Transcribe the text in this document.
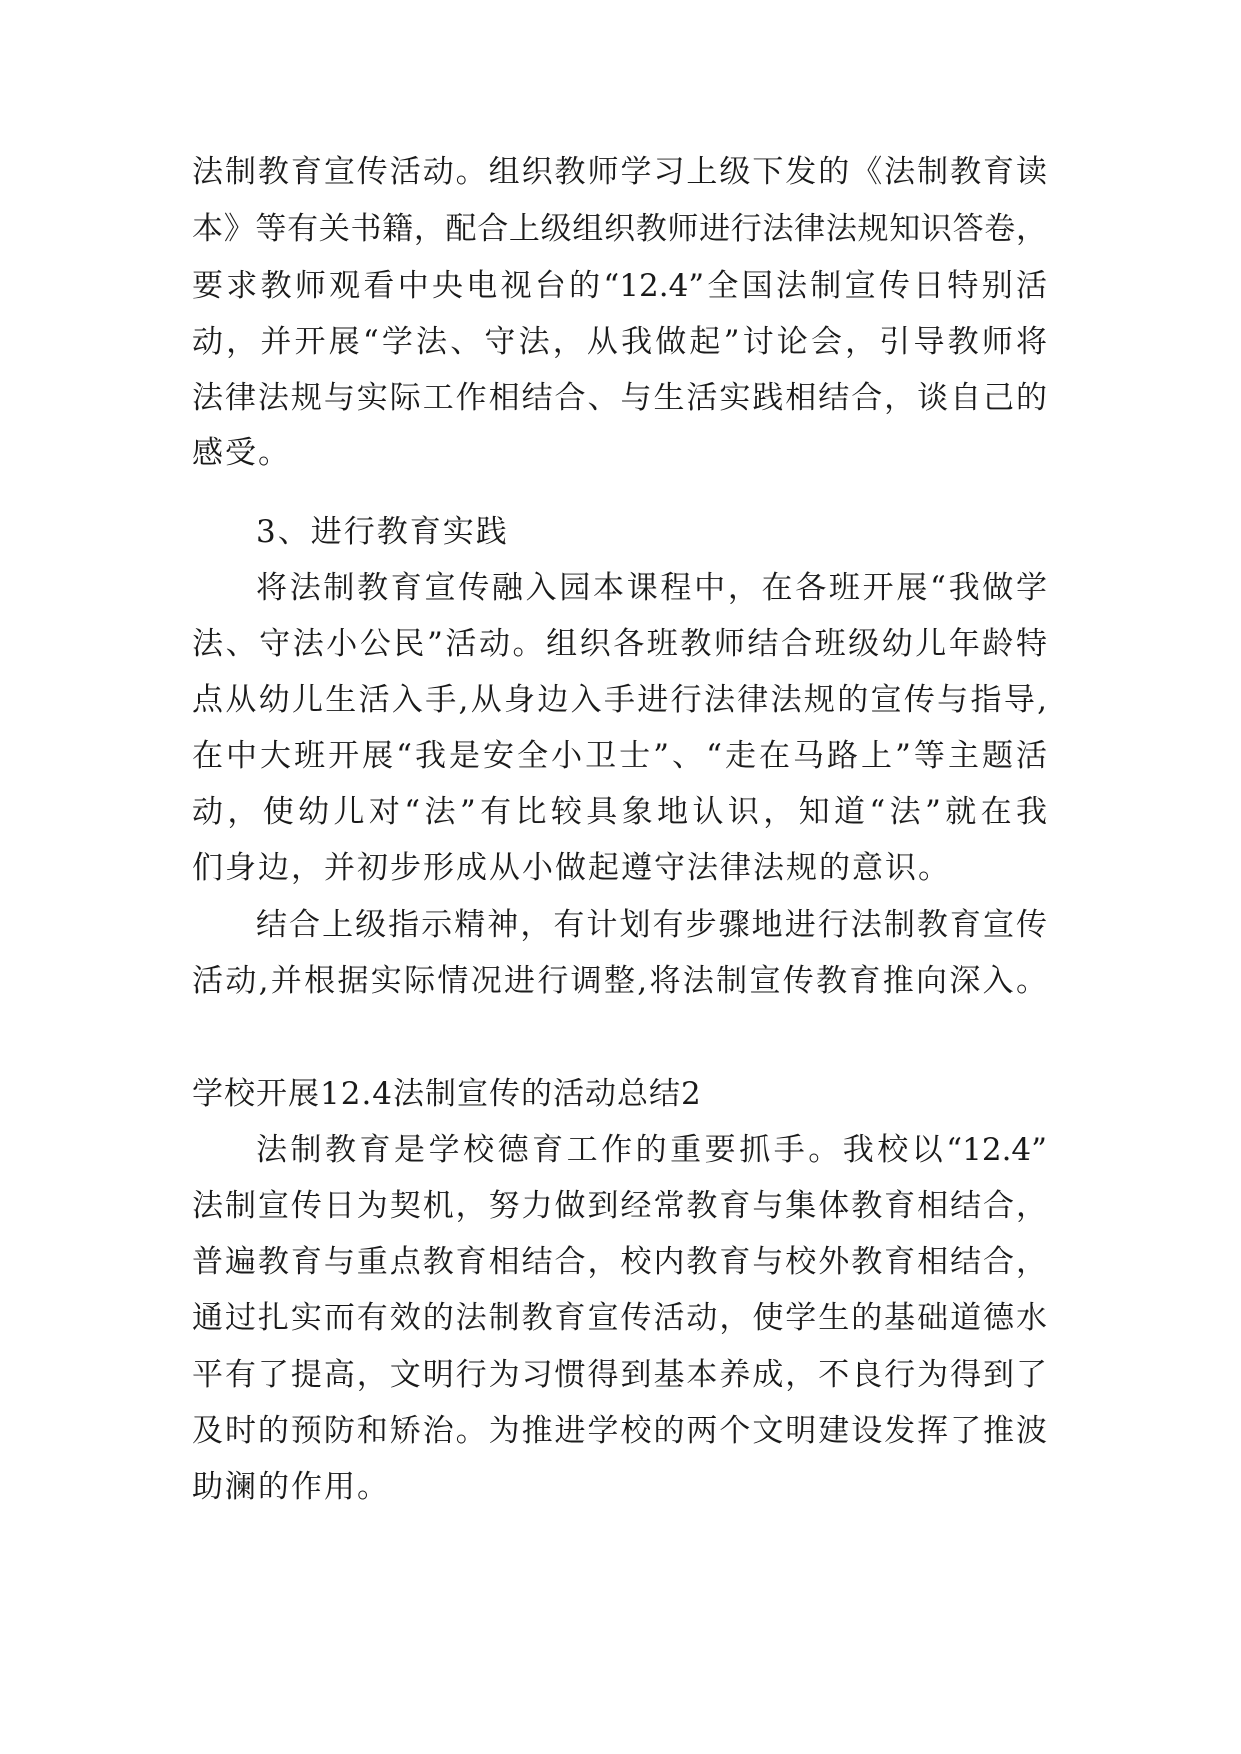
法制教育宣传活动。组织教师学习上级下发的《法制教育读
本》等有关书籍，配合上级组织教师进行法律法规知识答卷，
要求教师观看中央电视台的“12.4”全国法制宣传日特别活
动，并开展“学法、守法，从我做起”讨论会，引导教师将
法律法规与实际工作相结合、与生活实践相结合，谈自己的
感受。
3、进行教育实践
将法制教育宣传融入园本课程中，在各班开展“我做学
法、守法小公民”活动。组织各班教师结合班级幼儿年龄特
点从幼儿生活入手,从身边入手进行法律法规的宣传与指导,
在中大班开展“我是安全小卫士”、“走在马路上”等主题活
动，使幼儿对“法”有比较具象地认识，知道“法”就在我
们身边，并初步形成从小做起遵守法律法规的意识。
结合上级指示精神，有计划有步骤地进行法制教育宣传
活动,并根据实际情况进行调整,将法制宣传教育推向深入。
学校开展12.4法制宣传的活动总结2
法制教育是学校德育工作的重要抓手。我校以“12.4”
法制宣传日为契机，努力做到经常教育与集体教育相结合，
普遍教育与重点教育相结合，校内教育与校外教育相结合，
通过扎实而有效的法制教育宣传活动，使学生的基础道德水
平有了提高，文明行为习惯得到基本养成，不良行为得到了
及时的预防和矫治。为推进学校的两个文明建设发挥了推波
助澜的作用。
